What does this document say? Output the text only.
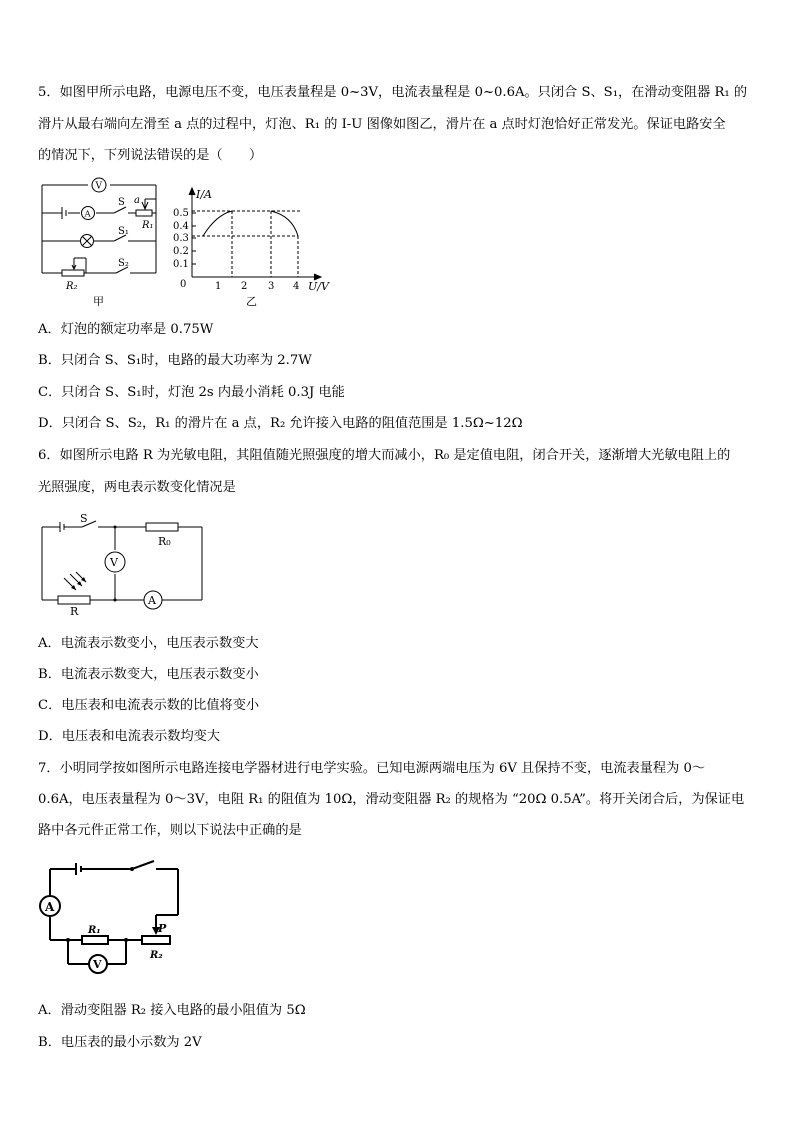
5．如图甲所示电路，电源电压不变，电压表量程是 0~3V，电流表量程是 0~0.6A。只闭合 S、S₁，在滑动变阻器 R₁ 的
滑片从最右端向左滑至 a 点的过程中，灯泡、R₁ 的 I-U 图像如图乙，滑片在 a 点时灯泡恰好正常发光。保证电路安全
的情况下，下列说法错误的是（　　）
V
A
S a
R₁
S₁
S₂
R₂
甲
I/A
U/V
0
0.5
0.4
0.3
0.2
0.1
1 2 3 4
乙
A．灯泡的额定功率是 0.75W
B．只闭合 S、S₁时，电路的最大功率为 2.7W
C．只闭合 S、S₁时，灯泡 2s 内最小消耗 0.3J 电能
D．只闭合 S、S₂，R₁ 的滑片在 a 点，R₂ 允许接入电路的阻值范围是 1.5Ω~12Ω
6．如图所示电路 R 为光敏电阻，其阻值随光照强度的增大而减小，R₀ 是定值电阻，闭合开关，逐渐增大光敏电阻上的
光照强度，两电表示数变化情况是
S
R₀
V
A
R
A．电流表示数变小，电压表示数变大
B．电流表示数变大，电压表示数变小
C．电压表和电流表示数的比值将变小
D．电压表和电流表示数均变大
7．小明同学按如图所示电路连接电学器材进行电学实验。已知电源两端电压为 6V 且保持不变，电流表量程为 0～
0.6A，电压表量程为 0～3V，电阻 R₁ 的阻值为 10Ω，滑动变阻器 R₂ 的规格为 “20Ω 0.5A”。将开关闭合后，为保证电
路中各元件正常工作，则以下说法中正确的是
A
R₁	P
R₂
V
A．滑动变阻器 R₂ 接入电路的最小阻值为 5Ω
B．电压表的最小示数为 2V
